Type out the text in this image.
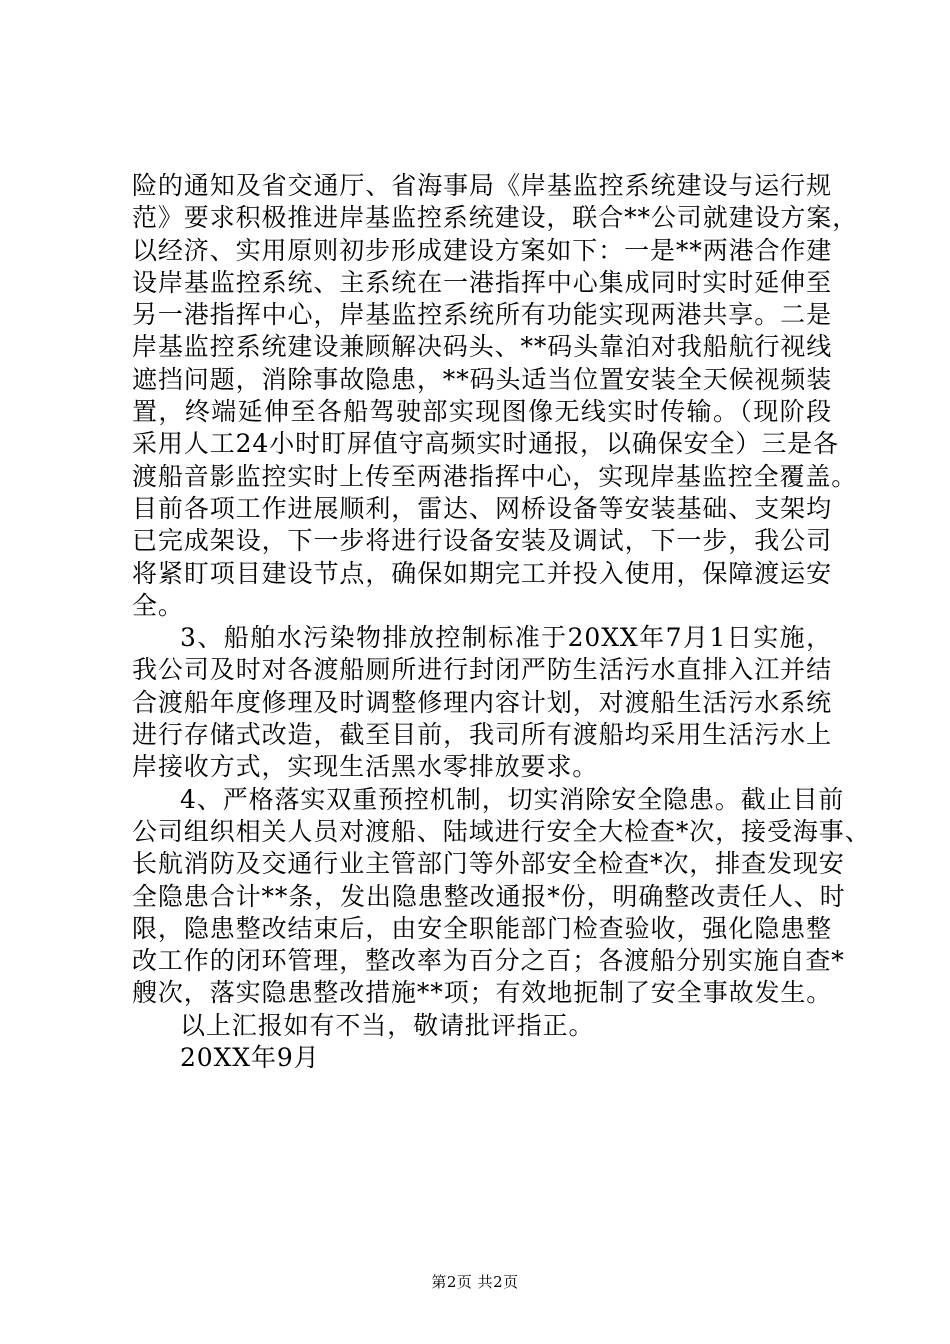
险的通知及省交通厅、省海事局《岸基监控系统建设与运行规
范》要求积极推进岸基监控系统建设，联合**公司就建设方案，
以经济、实用原则初步形成建设方案如下：一是**两港合作建
设岸基监控系统、主系统在一港指挥中心集成同时实时延伸至
另一港指挥中心，岸基监控系统所有功能实现两港共享。二是
岸基监控系统建设兼顾解决码头、**码头靠泊对我船航行视线
遮挡问题，消除事故隐患，**码头适当位置安装全天候视频装
置，终端延伸至各船驾驶部实现图像无线实时传输。（现阶段
采用人工24小时盯屏值守高频实时通报，以确保安全）三是各
渡船音影监控实时上传至两港指挥中心，实现岸基监控全覆盖。
目前各项工作进展顺利，雷达、网桥设备等安装基础、支架均
已完成架设，下一步将进行设备安装及调试，下一步，我公司
将紧盯项目建设节点，确保如期完工并投入使用，保障渡运安
全。
3、船舶水污染物排放控制标准于20XX年7月1日实施，
我公司及时对各渡船厕所进行封闭严防生活污水直排入江并结
合渡船年度修理及时调整修理内容计划，对渡船生活污水系统
进行存储式改造，截至目前，我司所有渡船均采用生活污水上
岸接收方式，实现生活黑水零排放要求。
4、严格落实双重预控机制，切实消除安全隐患。截止目前
公司组织相关人员对渡船、陆域进行安全大检查*次，接受海事、
长航消防及交通行业主管部门等外部安全检查*次，排查发现安
全隐患合计**条，发出隐患整改通报*份，明确整改责任人、时
限，隐患整改结束后，由安全职能部门检查验收，强化隐患整
改工作的闭环管理，整改率为百分之百；各渡船分别实施自查*
艘次，落实隐患整改措施**项；有效地扼制了安全事故发生。
以上汇报如有不当，敬请批评指正。
20XX年9月
第2页 共2页
